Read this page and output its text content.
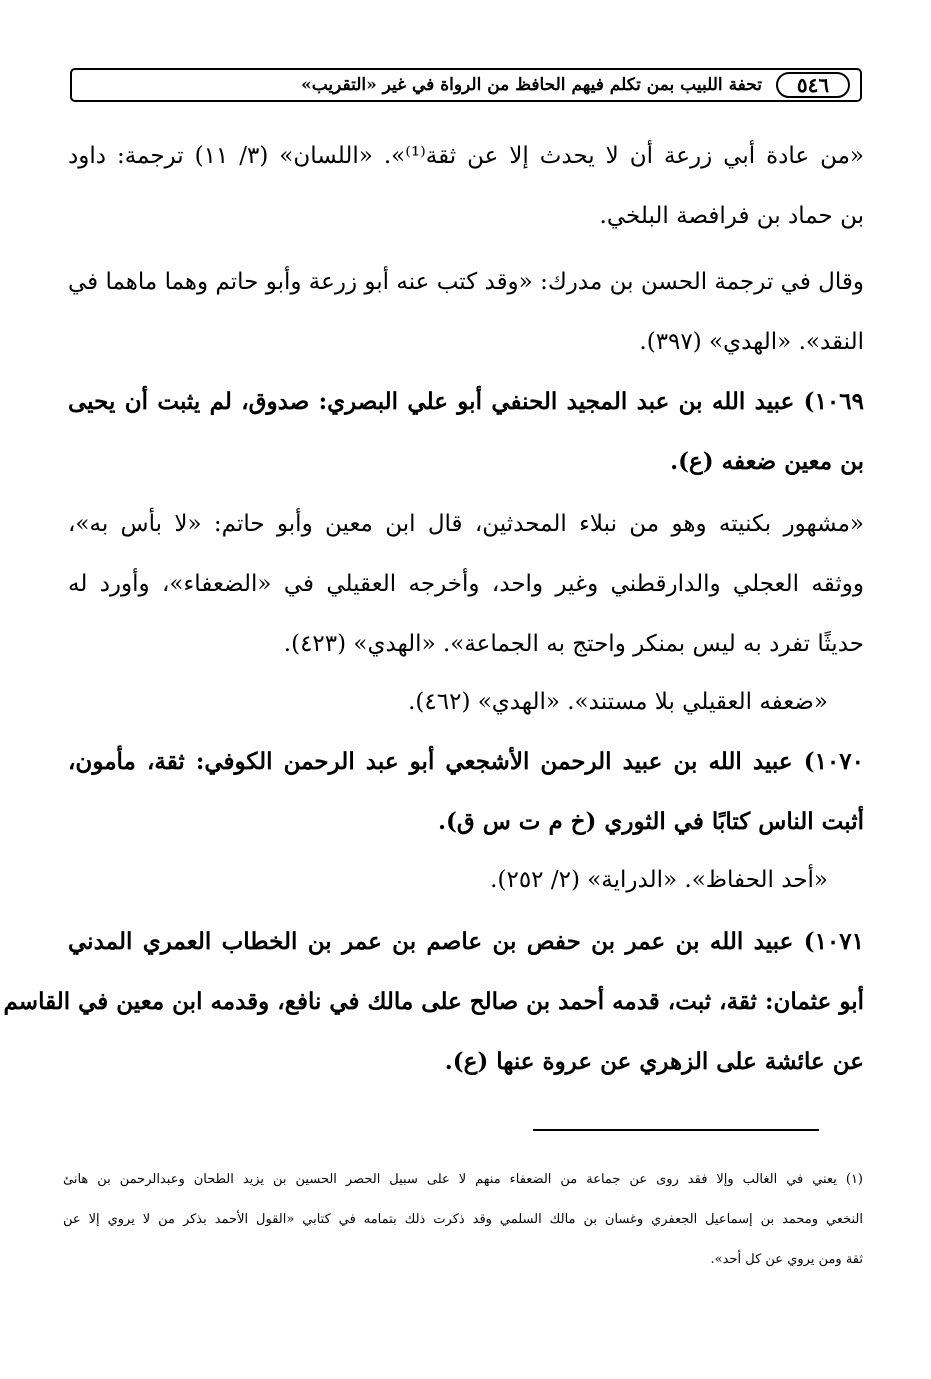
٥٤٦
تحفة اللبيب بمن تكلم فيهم الحافظ من الرواة في غير «التقريب»
«من عادة أبي زرعة أن لا يحدث إلا عن ثقة⁽¹⁾». «اللسان» (٣/ ١١) ترجمة: داود
بن حماد بن فرافصة البلخي.
وقال في ترجمة الحسن بن مدرك: «وقد كتب عنه أبو زرعة وأبو حاتم وهما ماهما في
النقد». «الهدي» (٣٩٧).
١٠٦٩) عبيد الله بن عبد المجيد الحنفي أبو علي البصري: صدوق، لم يثبت أن يحيى
بن معين ضعفه (ع).
«مشهور بكنيته وهو من نبلاء المحدثين، قال ابن معين وأبو حاتم: «لا بأس به»،
ووثقه العجلي والدارقطني وغير واحد، وأخرجه العقيلي في «الضعفاء»، وأورد له
حديثًا تفرد به ليس بمنكر واحتج به الجماعة». «الهدي» (٤٢٣).
«ضعفه العقيلي بلا مستند». «الهدي» (٤٦٢).
١٠٧٠) عبيد الله بن عبيد الرحمن الأشجعي أبو عبد الرحمن الكوفي: ثقة، مأمون،
أثبت الناس كتابًا في الثوري (خ م ت س ق).
«أحد الحفاظ». «الدراية» (٢/ ٢٥٢).
١٠٧١) عبيد الله بن عمر بن حفص بن عاصم بن عمر بن الخطاب العمري المدني
أبو عثمان: ثقة، ثبت، قدمه أحمد بن صالح على مالك في نافع، وقدمه ابن معين في القاسم
عن عائشة على الزهري عن عروة عنها (ع).
(١) يعني في الغالب وإلا فقد روى عن جماعة من الضعفاء منهم لا على سبيل الحصر الحسين بن يزيد الطحان وعبدالرحمن بن هانئ
النخعي ومحمد بن إسماعيل الجعفري وغسان بن مالك السلمي وقد ذكرت ذلك بتمامه في كتابي «القول الأحمد بذكر من لا يروي إلا عن
ثقة ومن يروي عن كل أحد».
